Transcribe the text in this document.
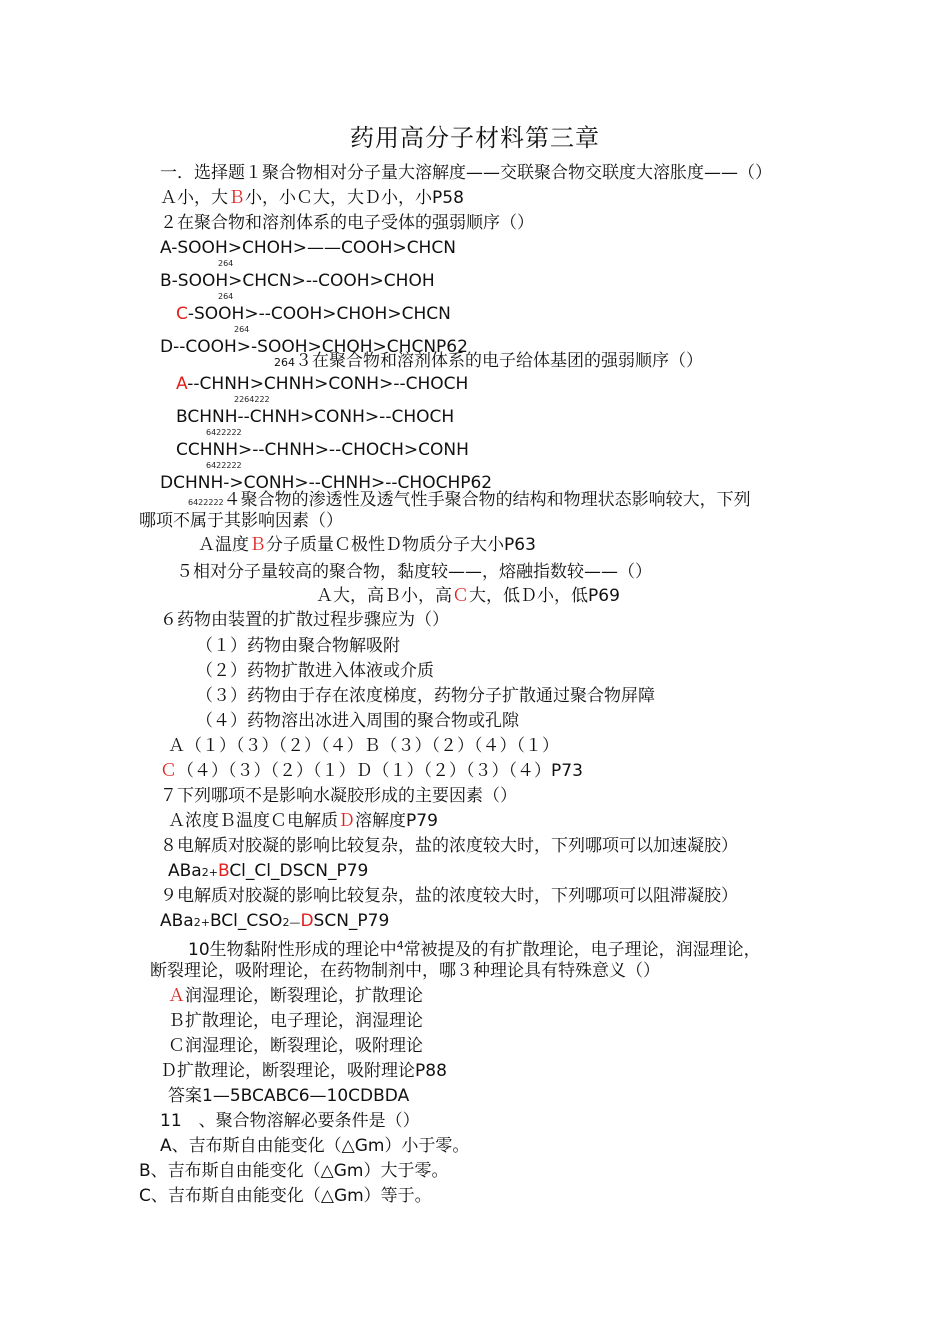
药用高分子材料第三章
一．选择题１聚合物相对分子量大溶解度——交联聚合物交联度大溶胀度——（）
Ａ小，大Ｂ小，小Ｃ大，大Ｄ小，小P58
２在聚合物和溶剂体系的电子受体的强弱顺序（）
A-SOOH>CHOH>——COOH>CHCN
264
B-SOOH>CHCN>--COOH>CHOH
264
C-SOOH>--COOH>CHOH>CHCN
264
D--COOH>-SOOH>CHOH>CHCNP62
264３在聚合物和溶剂体系的电子给体基团的强弱顺序（）
A--CHNH>CHNH>CONH>--CHOCH
2264222
BCHNH--CHNH>CONH>--CHOCH
6422222
CCHNH>--CHNH>--CHOCH>CONH
6422222
DCHNH->CONH>--CHNH>--CHOCHP62
6422222４聚合物的渗透性及透气性手聚合物的结构和物理状态影响较大，下列
哪项不属于其影响因素（）
Ａ温度Ｂ分子质量Ｃ极性Ｄ物质分子大小P63
５相对分子量较高的聚合物，黏度较——，熔融指数较——（）
Ａ大，高Ｂ小，高Ｃ大，低Ｄ小，低P69
６药物由装置的扩散过程步骤应为（）
（１）药物由聚合物解吸附
（２）药物扩散进入体液或介质
（３）药物由于存在浓度梯度，药物分子扩散通过聚合物屏障
（４）药物溶出冰进入周围的聚合物或孔隙
Ａ（１）（３）（２）（４）Ｂ（３）（２）（４）（１）
Ｃ（４）（３）（２）（１）Ｄ（１）（２）（３）（４）P73
７下列哪项不是影响水凝胶形成的主要因素（）
Ａ浓度Ｂ温度Ｃ电解质Ｄ溶解度P79
８电解质对胶凝的影响比较复杂，盐的浓度较大时，下列哪项可以加速凝胶）
ABa2+BCl_Cl_DSCN_P79
９电解质对胶凝的影响比较复杂，盐的浓度较大时，下列哪项可以阻滞凝胶）
ABa2+BCl_CSO2—DSCN_P79
10生物黏附性形成的理论中$^4$常被提及的有扩散理论，电子理论，润湿理论，
断裂理论，吸附理论，在药物制剂中，哪３种理论具有特殊意义（）
Ａ润湿理论，断裂理论，扩散理论
Ｂ扩散理论，电子理论，润湿理论
Ｃ润湿理论，断裂理论，吸附理论
Ｄ扩散理论，断裂理论，吸附理论P88
答案1—5BCABC6—10CDBDA
11　、聚合物溶解必要条件是（）
A、吉布斯自由能变化（△Gm）小于零。
B、吉布斯自由能变化（△Gm）大于零。
C、吉布斯自由能变化（△Gm）等于。
